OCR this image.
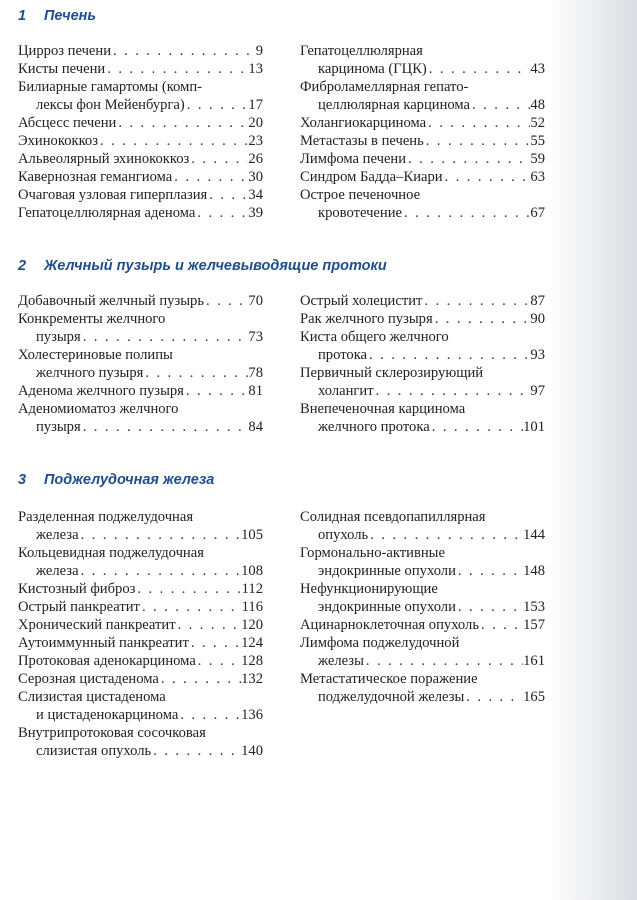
1 Печень
Цирроз печени . . .	9
Кисты печени . . .	13
Билиарные гамартомы (комп-
лексы фон Мейенбурга) . . .	17
Абсцесс печени . . .	20
Эхинококкоз . . .	23
Альвеолярный эхинококкоз . . .	26
Кавернозная гемангиома . . .	30
Очаговая узловая гиперплазия . . .	34
Гепатоцеллюлярная аденома . . .	39
Гепатоцеллюлярная
карцинома (ГЦК) . . .	43
Фиброламеллярная гепато-
целлюлярная карцинома . . .	48
Холангиокарцинома . . .	52
Метастазы в печень . . .	55
Лимфома печени . . .	59
Синдром Бадда–Киари . . .	63
Острое печеночное
кровотечение . . .	67
2 Желчный пузырь и желчевыводящие протоки
Добавочный желчный пузырь . . .	70
Конкременты желчного
пузыря . . .	73
Холестериновые полипы
желчного пузыря . . .	78
Аденома желчного пузыря . . .	81
Аденомиоматоз желчного
пузыря . . .	84
Острый холецистит . . .	87
Рак желчного пузыря . . .	90
Киста общего желчного
протока . . .	93
Первичный склерозирующий
холангит . . .	97
Внепеченочная карцинома
желчного протока . . .	101
3 Поджелудочная железа
Разделенная поджелудочная
железа . . .	105
Кольцевидная поджелудочная
железа . . .	108
Кистозный фиброз . . .	112
Острый панкреатит . . .	116
Хронический панкреатит . . .	120
Аутоиммунный панкреатит . . .	124
Протоковая аденокарцинома . . .	128
Серозная цистаденома . . .	132
Слизистая цистаденома
и цистаденокарцинома . . .	136
Внутрипротоковая сосочковая
слизистая опухоль . . .	140
Солидная псевдопапиллярная
опухоль . . .	144
Гормонально-активные
эндокринные опухоли . . .	148
Нефункционирующие
эндокринные опухоли . . .	153
Ацинарноклеточная опухоль . . .	157
Лимфома поджелудочной
железы . . .	161
Метастатическое поражение
поджелудочной железы . . .	165
